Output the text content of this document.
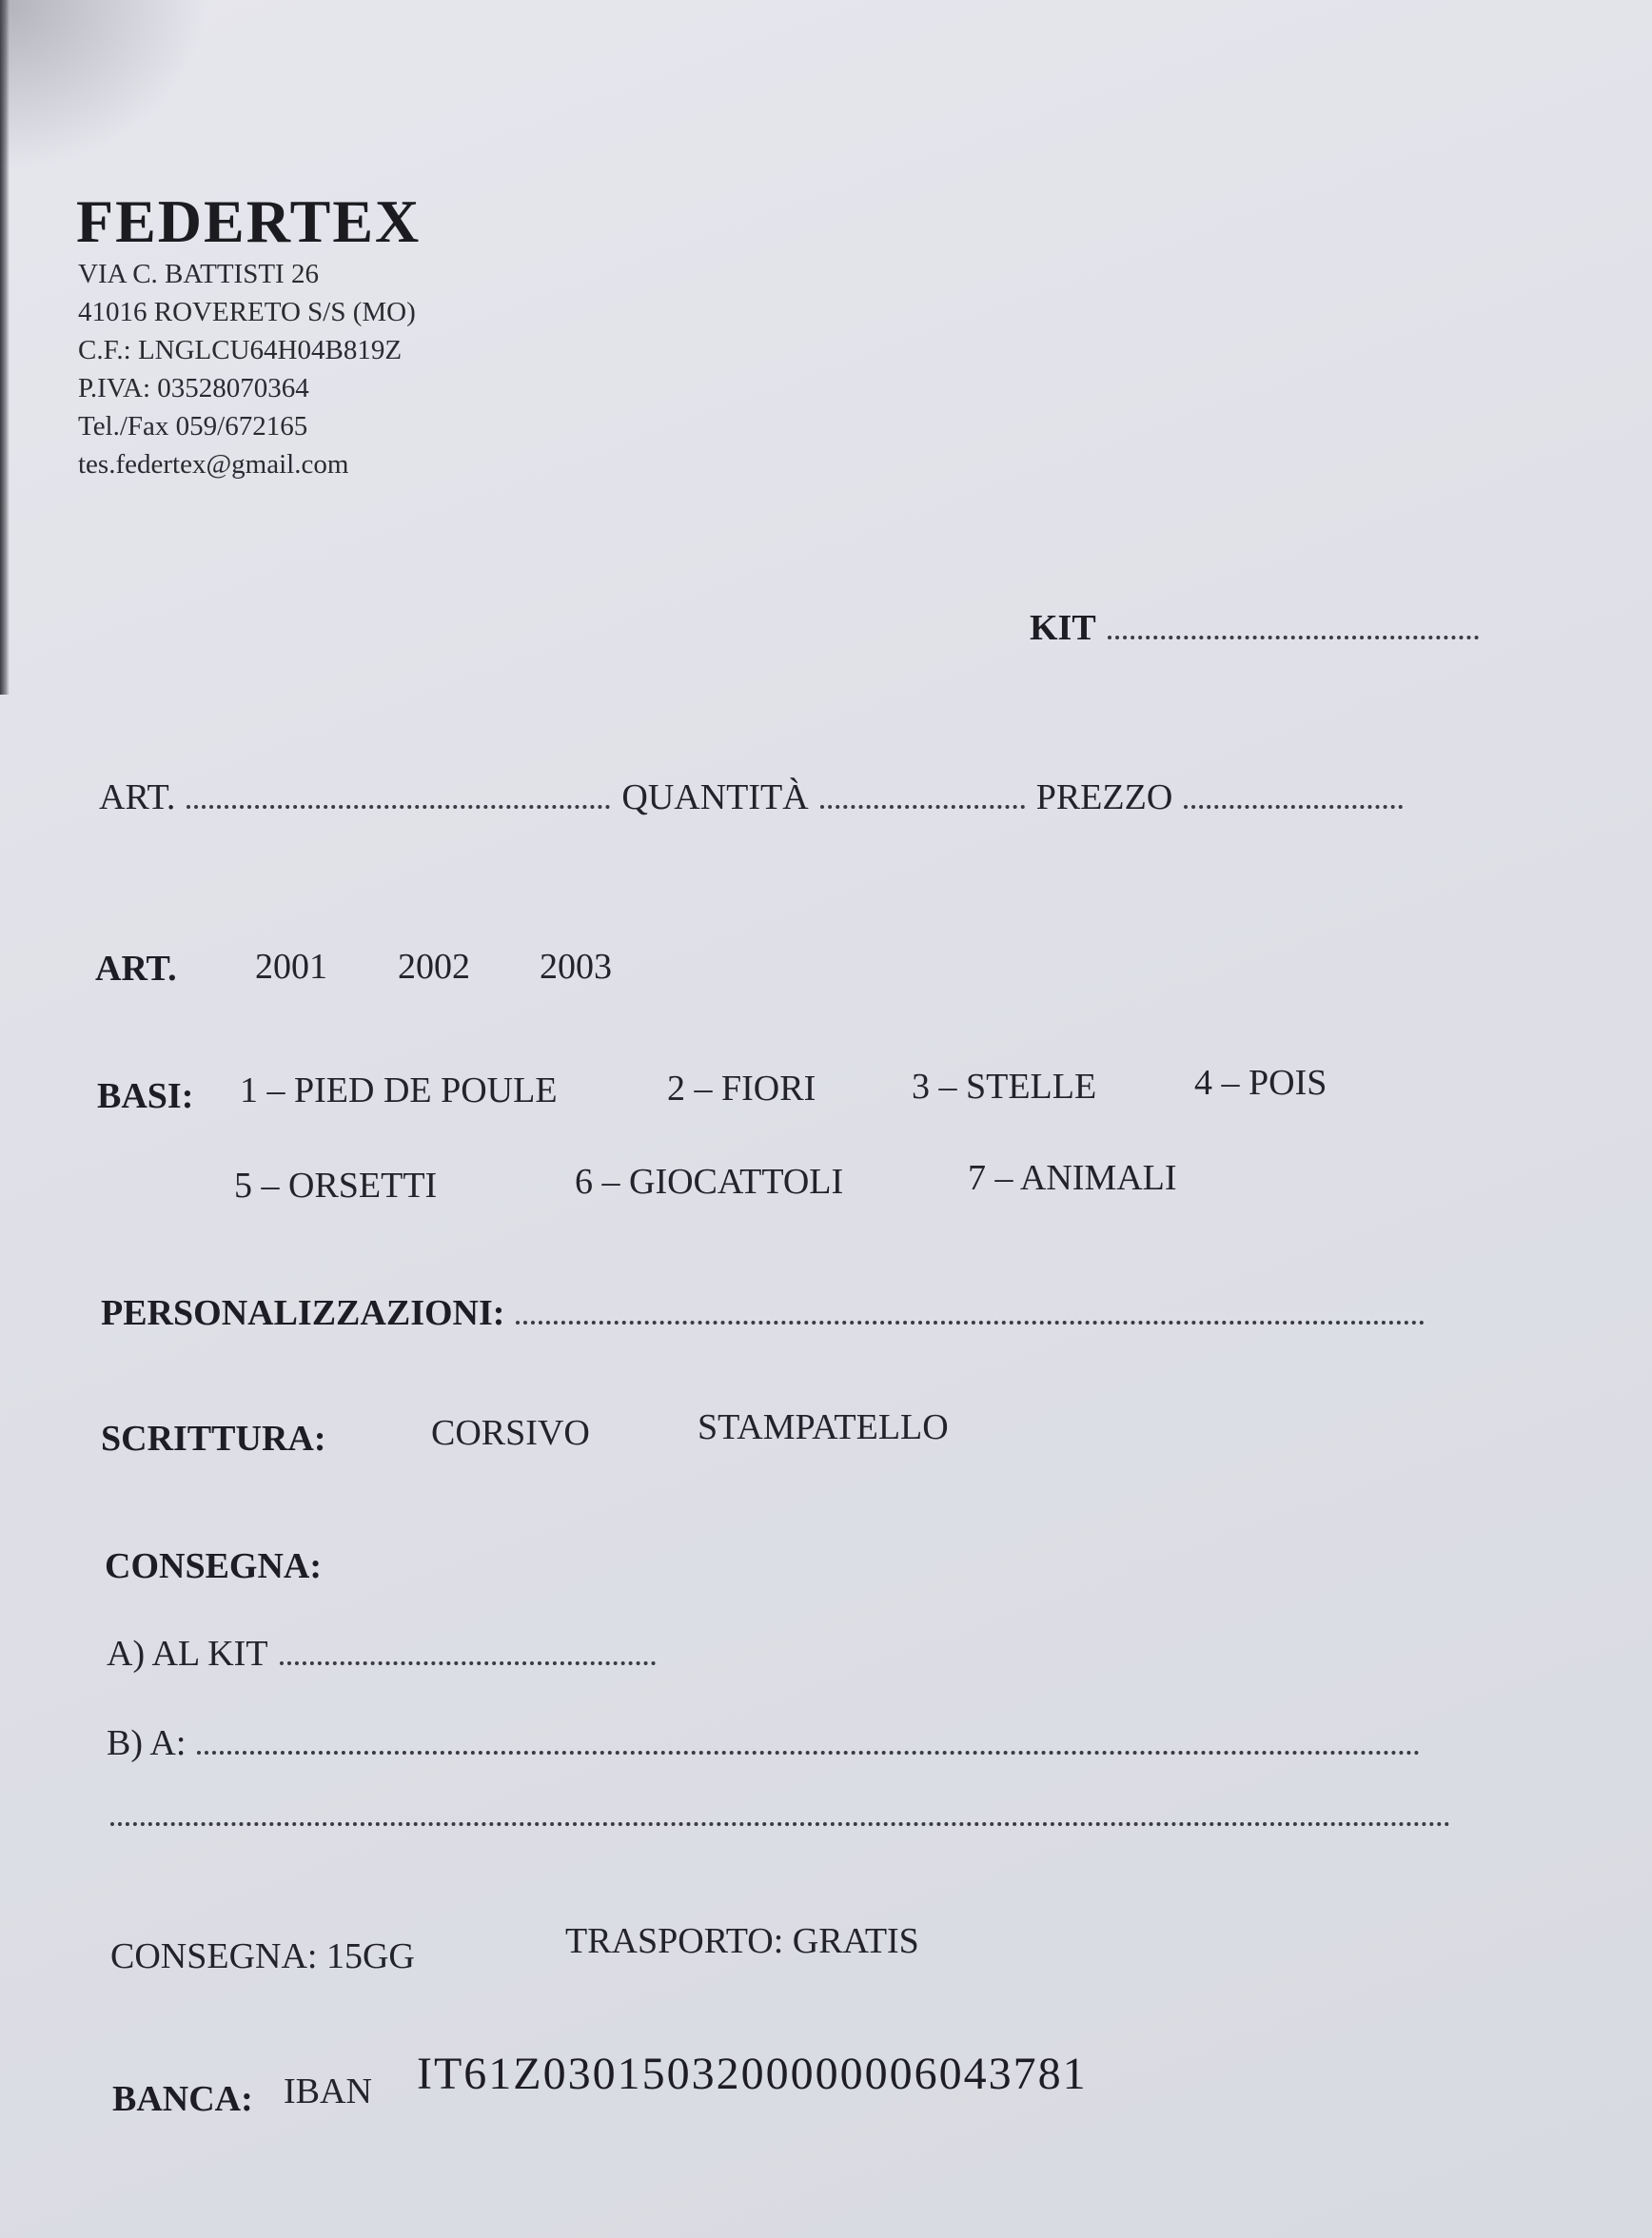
FEDERTEX
VIA C. BATTISTI 26
41016 ROVERETO S/S (MO)
C.F.: LNGLCU64H04B819Z
P.IVA: 03528070364
Tel./Fax 059/672165
tes.federtex@gmail.com
KIT
ART.	QUANTITÀ	PREZZO
ART. 2001 2002 2003
BASI: 1 – PIED DE POULE	2 – FIORI	3 – STELLE	4 – POIS
5 – ORSETTI	6 – GIOCATTOLI	7 – ANIMALI
PERSONALIZZAZIONI:
SCRITTURA:	CORSIVO	STAMPATELLO
CONSEGNA:
A) AL KIT
B) A:
CONSEGNA: 15GG	TRASPORTO: GRATIS
BANCA: IBAN IT61Z0301503200000006043781
